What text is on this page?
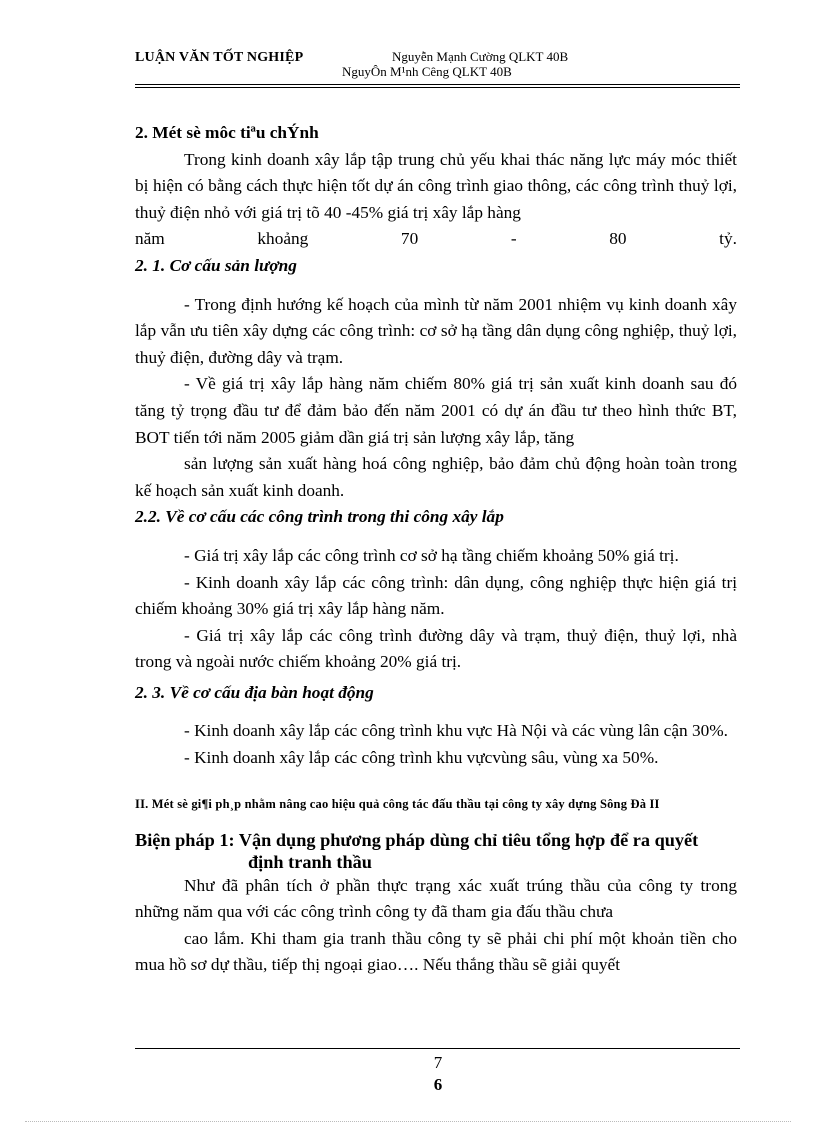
LUẬN VĂN TỐT NGHIỆP	Nguyễn Mạnh Cường QLKT 40B
NguyÔn M¹nh Cêng QLKT 40B

2. Mét sè môc tiªu chÝnh

Trong kinh doanh xây lắp tập trung chủ yếu khai thác năng lực máy móc thiết bị hiện có bằng cách thực hiện tốt dự án công trình giao thông, các công trình thuỷ lợi, thuỷ điện nhỏ với giá trị tõ 40 -45% giá trị xây lắp hàng

năm	khoảng	70	-	80	tỷ.

2. 1. Cơ cấu sản lượng

- Trong định hướng kế hoạch của mình từ năm 2001 nhiệm vụ kinh doanh xây lắp vẫn ưu tiên xây dựng các công trình: cơ sở hạ tầng dân dụng công nghiệp, thuỷ lợi, thuỷ điện, đường dây và trạm.

- Về giá trị xây lắp hàng năm chiếm 80% giá trị sản xuất kinh doanh sau đó tăng tỷ trọng đầu tư để đảm bảo đến năm 2001 có dự án đầu tư theo hình thức BT, BOT tiến tới năm 2005 giảm dần giá trị sản lượng xây lắp, tăng

sản lượng sản xuất hàng hoá công nghiệp, bảo đảm chủ động hoàn toàn trong kế hoạch sản xuất kinh doanh.

2.2. Về cơ cấu các công trình trong thi công xây lắp

- Giá trị xây lắp các công trình cơ sở hạ tầng chiếm khoảng 50% giá trị.

- Kinh doanh xây lắp các công trình: dân dụng, công nghiệp thực hiện giá trị chiếm khoảng 30% giá trị xây lắp hàng năm.

- Giá trị xây lắp các công trình đường dây và trạm, thuỷ điện, thuỷ lợi, nhà trong và ngoài nước chiếm khoảng 20% giá trị.

2. 3. Về cơ cấu địa bàn hoạt động

- Kinh doanh xây lắp các công trình khu vực Hà Nội và các vùng lân cận 30%.

- Kinh doanh xây lắp các công trình khu vựcvùng sâu, vùng xa 50%.

II. Mét sè gi¶i ph¸p nhằm nâng cao hiệu quả công tác đấu thầu tại công ty xây dựng Sông Đà II

Biện pháp 1: Vận dụng phương pháp dùng chỉ tiêu tổng hợp để ra quyết

định tranh thầu

Như đã phân tích ở phần thực trạng xác xuất trúng thầu của công ty trong những năm qua với các công trình công ty đã tham gia đấu thầu chưa

cao lắm. Khi tham gia tranh thầu công ty sẽ phải chi phí một khoản tiền cho mua hồ sơ dự thầu, tiếp thị ngoại giao…. Nếu thắng thầu sẽ giải quyết

7
6
